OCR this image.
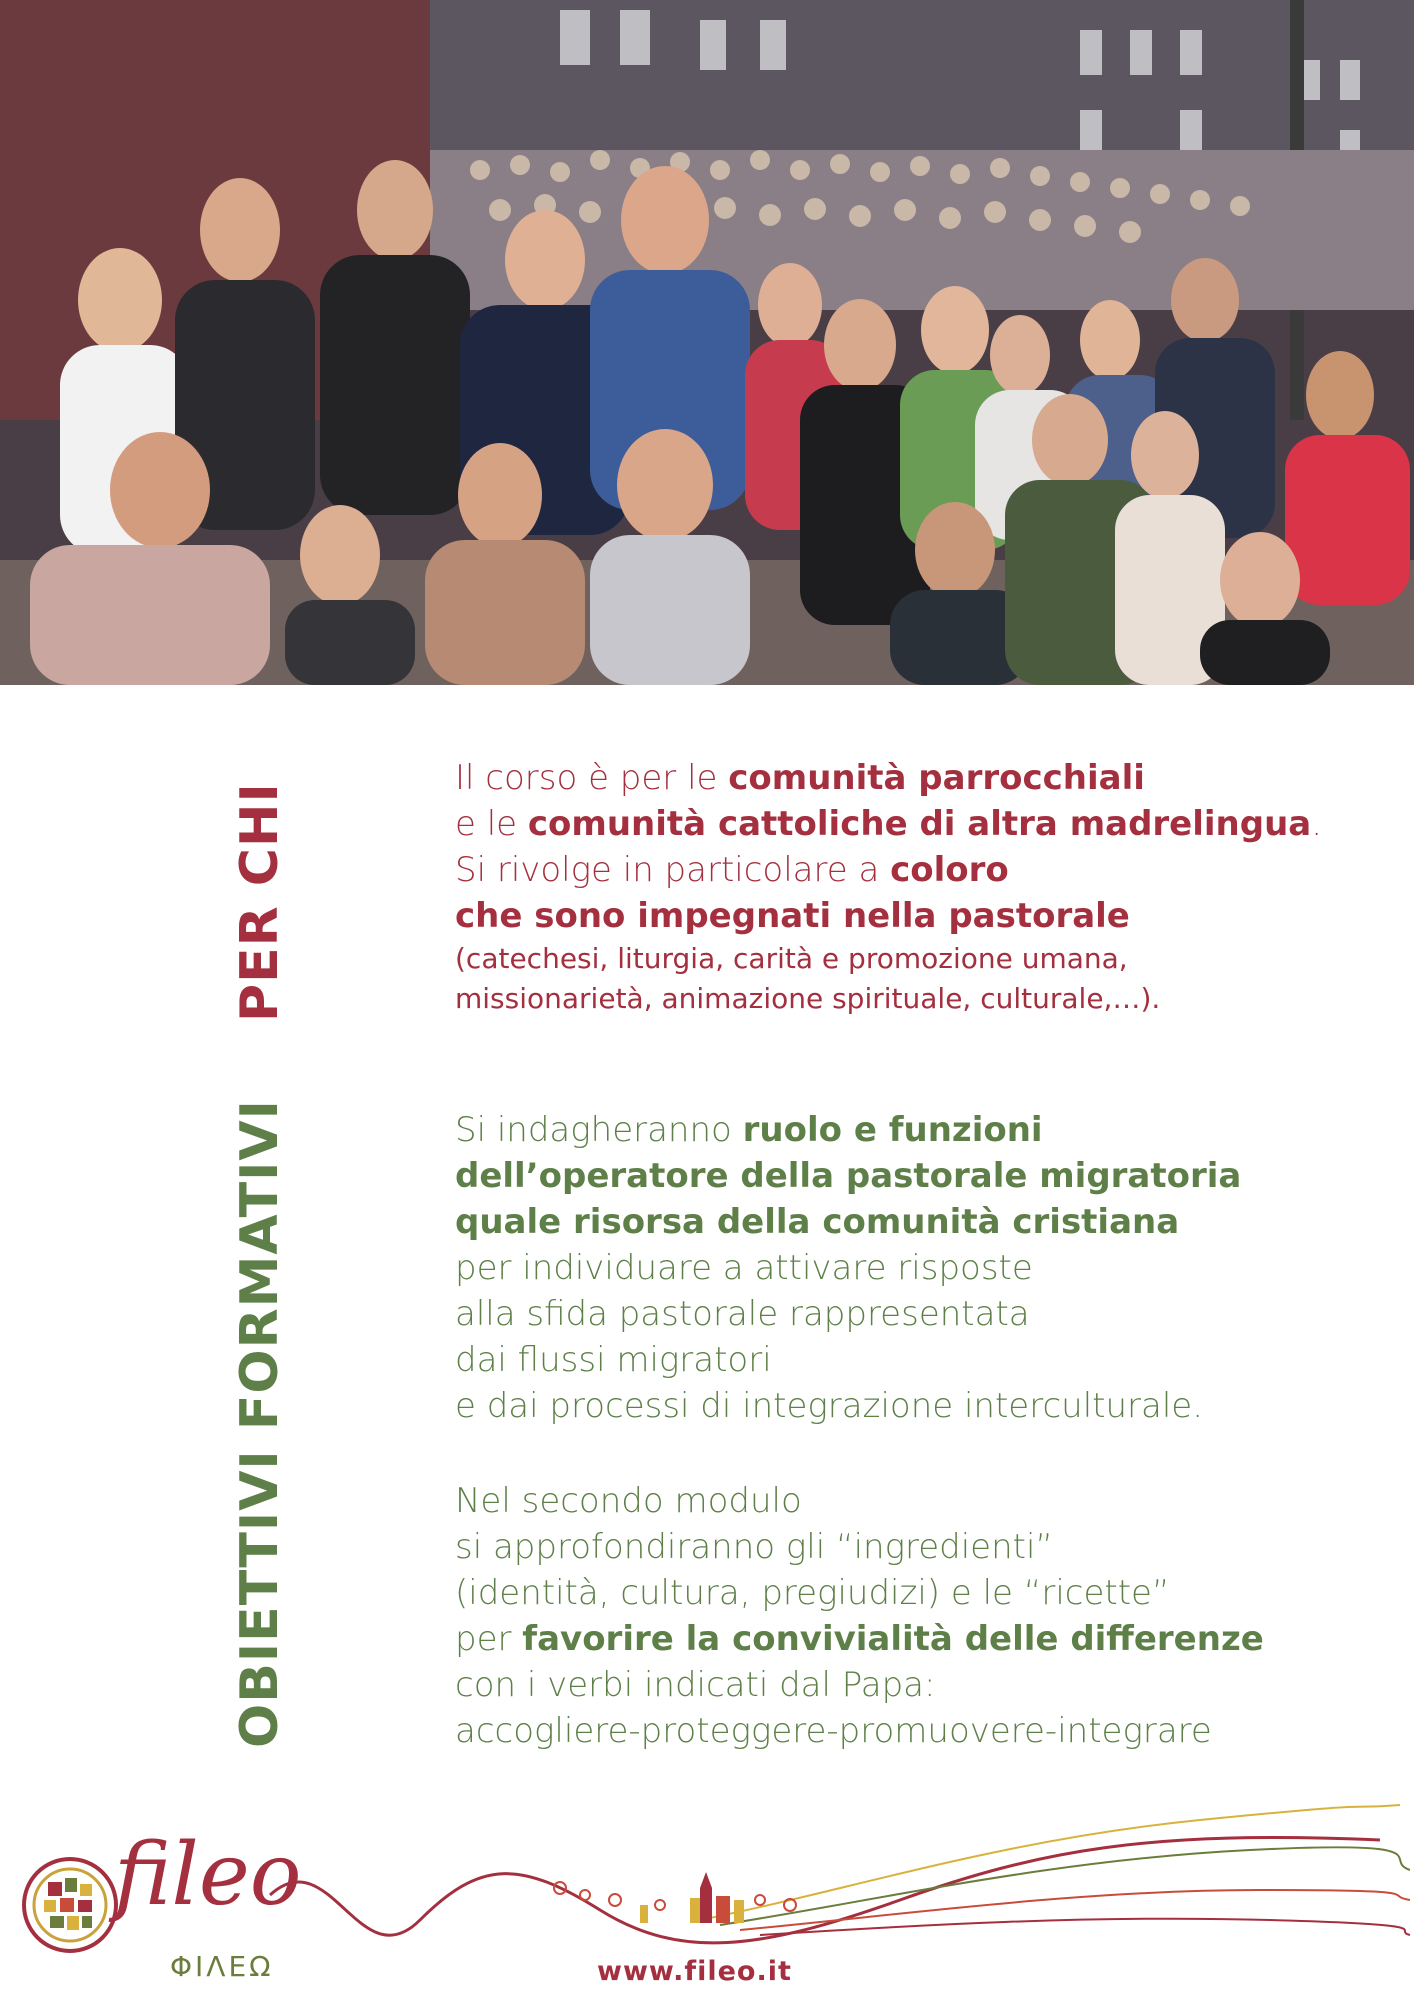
PER CHI
Il corso è per le comunità parrocchiali
e le comunità cattoliche di altra madrelingua.
Si rivolge in particolare a coloro
che sono impegnati nella pastorale
(catechesi, liturgia, carità e promozione umana,
missionarietà, animazione spirituale, culturale,…).
OBIETTIVI FORMATIVI	Si indagheranno ruolo e funzioni
dell’operatore della pastorale migratoria
quale risorsa della comunità cristiana
per individuare a attivare risposte
alla sfida pastorale rappresentata
dai flussi migratori
e dai processi di integrazione interculturale.
Nel secondo modulo
si approfondiranno gli “ingredienti”
(identità, cultura, pregiudizi) e le “ricette”
per favorire la convivialità delle differenze
con i verbi indicati dal Papa:
accogliere-proteggere-promuovere-integrare
fileo
ΦΙΛΕΩ	www.fileo.it
